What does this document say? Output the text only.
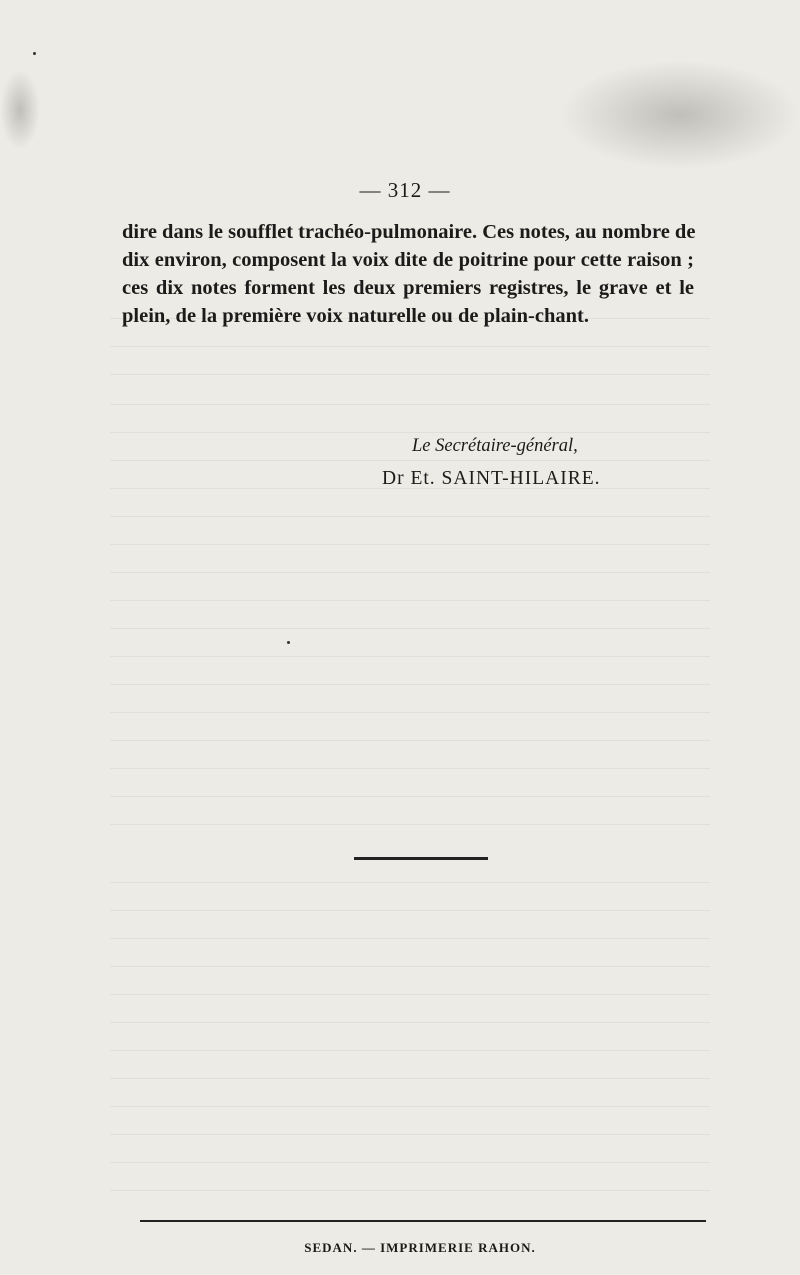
— 312 —
dire dans le soufflet trachéo-pulmonaire. Ces notes, au nombre de
dix environ, composent la voix dite de poitrine pour cette raison ;
ces dix notes forment les deux premiers registres, le grave et le
plein, de la première voix naturelle ou de plain-chant.
Le Secrétaire-général,
Dr Et. SAINT-HILAIRE.
SEDAN. — IMPRIMERIE RAHON.
